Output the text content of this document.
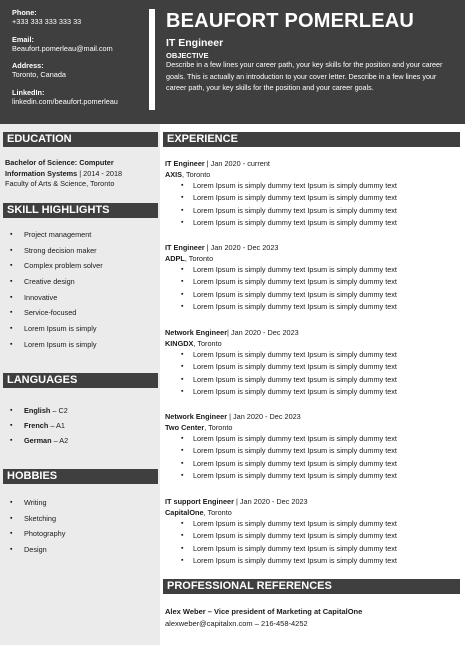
Phone:
+333 333 333 333 33
Email:
Beaufort.pomerleau@mail.com
Address:
Toronto, Canada
LinkedIn:
linkedin.com/beaufort.pomerleau
BEAUFORT POMERLEAU
IT Engineer
OBJECTIVE
Describe in a few lines your career path, your key skills for the position and your career goals. This is actually an introduction to your cover letter. Describe in a few lines your career path, your key skills for the position and your career goals.
EDUCATION
Bachelor of Science: Computer Information Systems | 2014 - 2018
Faculty of Arts & Science, Toronto
SKILL HIGHLIGHTS
▪ Project management
▪ Strong decision maker
▪ Complex problem solver
▪ Creative design
▪ Innovative
▪ Service-focused
▪ Lorem Ipsum is simply
▪ Lorem Ipsum is simply
LANGUAGES
▪ English – C2
▪ French – A1
▪ German – A2
HOBBIES
▪ Writing
▪ Sketching
▪ Photography
▪ Design
EXPERIENCE
IT Engineer | Jan 2020 - current
AXIS, Toronto
▪ Lorem Ipsum is simply dummy text Ipsum is simply dummy text
▪ Lorem Ipsum is simply dummy text Ipsum is simply dummy text
▪ Lorem Ipsum is simply dummy text Ipsum is simply dummy text
▪ Lorem Ipsum is simply dummy text Ipsum is simply dummy text
IT Engineer | Jan 2020 - Dec 2023
ADPL, Toronto
▪ Lorem Ipsum is simply dummy text Ipsum is simply dummy text
▪ Lorem Ipsum is simply dummy text Ipsum is simply dummy text
▪ Lorem Ipsum is simply dummy text Ipsum is simply dummy text
▪ Lorem Ipsum is simply dummy text Ipsum is simply dummy text
Network Engineer| Jan 2020 - Dec 2023
KINGDX, Toronto
▪ Lorem Ipsum is simply dummy text Ipsum is simply dummy text
▪ Lorem Ipsum is simply dummy text Ipsum is simply dummy text
▪ Lorem Ipsum is simply dummy text Ipsum is simply dummy text
▪ Lorem Ipsum is simply dummy text Ipsum is simply dummy text
Network Engineer | Jan 2020 - Dec 2023
Two Center, Toronto
▪ Lorem Ipsum is simply dummy text Ipsum is simply dummy text
▪ Lorem Ipsum is simply dummy text Ipsum is simply dummy text
▪ Lorem Ipsum is simply dummy text Ipsum is simply dummy text
▪ Lorem Ipsum is simply dummy text Ipsum is simply dummy text
IT support Engineer | Jan 2020 - Dec 2023
CapitalOne, Toronto
▪ Lorem Ipsum is simply dummy text Ipsum is simply dummy text
▪ Lorem Ipsum is simply dummy text Ipsum is simply dummy text
▪ Lorem Ipsum is simply dummy text Ipsum is simply dummy text
▪ Lorem Ipsum is simply dummy text Ipsum is simply dummy text
PROFESSIONAL REFERENCES
Alex Weber – Vice president of Marketing at CapitalOne
alexweber@capitalxn.com – 216-458-4252
